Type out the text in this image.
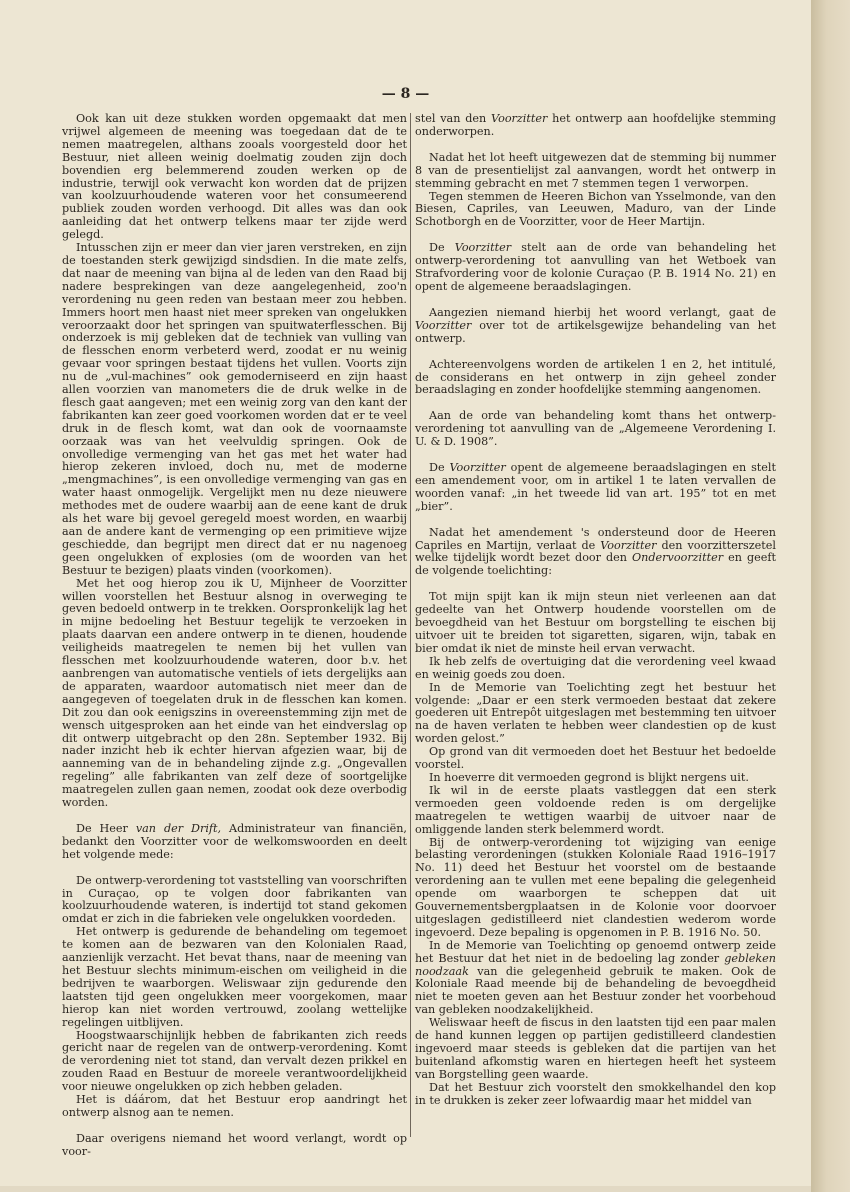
— 8 —

Ook kan uit deze stukken worden opgemaakt dat men vrijwel algemeen de meening was toegedaan dat de te nemen maatregelen, althans zooals voorgesteld door het Bestuur, niet alleen weinig doelmatig zouden zijn doch bovendien erg belemmerend zouden werken op de industrie, terwijl ook verwacht kon worden dat de prijzen van koolzuurhoudende wateren voor het consumeerend publiek zouden worden verhoogd. Dit alles was dan ook aanleiding dat het ontwerp telkens maar ter zijde werd gelegd.

Intusschen zijn er meer dan vier jaren verstreken, en zijn de toestanden sterk gewijzigd sindsdien. In die mate zelfs, dat naar de meening van bijna al de leden van den Raad bij nadere besprekingen van deze aangelegenheid, zoo'n verordening nu geen reden van bestaan meer zou hebben. Immers hoort men haast niet meer spreken van ongelukken veroorzaakt door het springen van spuitwaterflesschen. Bij onderzoek is mij gebleken dat de techniek van vulling van de flesschen enorm verbeterd werd, zoodat er nu weinig gevaar voor springen bestaat tijdens het vullen. Voorts zijn nu de „vul-machines” ook gemoderniseerd en zijn haast allen voorzien van manometers die de druk welke in de flesch gaat aangeven; met een weinig zorg van den kant der fabrikanten kan zeer goed voorkomen worden dat er te veel druk in de flesch komt, wat dan ook de voornaamste oorzaak was van het veelvuldig springen. Ook de onvolledige vermenging van het gas met het water had hierop zekeren invloed, doch nu, met de moderne „mengmachines”, is een onvolledige vermenging van gas en water haast onmogelijk. Vergelijkt men nu deze nieuwere methodes met de oudere waarbij aan de eene kant de druk als het ware bij gevoel geregeld moest worden, en waarbij aan de andere kant de vermenging op een primitieve wijze geschiedde, dan begrijpt men direct dat er nu nagenoeg geen ongelukken of explosies (om de woorden van het Bestuur te bezigen) plaats vinden (voorkomen).

Met het oog hierop zou ik U, Mijnheer de Voorzitter willen voorstellen het Bestuur alsnog in overweging te geven bedoeld ontwerp in te trekken. Oorspronkelijk lag het in mijne bedoeling het Bestuur tegelijk te verzoeken in plaats daarvan een andere ontwerp in te dienen, houdende veiligheids maatregelen te nemen bij het vullen van flesschen met koolzuurhoudende wateren, door b.v. het aanbrengen van automatische ventiels of iets dergelijks aan de apparaten, waardoor automatisch niet meer dan de aangegeven of toegelaten druk in de flesschen kan komen. Dit zou dan ook eenigszins in overeenstemming zijn met de wensch uitgesproken aan het einde van het eindverslag op dit ontwerp uitgebracht op den 28n. September 1932. Bij nader inzicht heb ik echter hiervan afgezien waar, bij de aanneming van de in behandeling zijnde z.g. „Ongevallen regeling” alle fabrikanten van zelf deze of soortgelijke maatregelen zullen gaan nemen, zoodat ook deze overbodig worden.

De Heer van der Drift, Administrateur van financiën, bedankt den Voorzitter voor de welkomswoorden en deelt het volgende mede:

De ontwerp-verordening tot vaststelling van voorschriften in Curaçao, op te volgen door fabrikanten van koolzuurhoudende wateren, is indertijd tot stand gekomen omdat er zich in die fabrieken vele ongelukken voordeden.

Het ontwerp is gedurende de behandeling om tegemoet te komen aan de bezwaren van den Kolonialen Raad, aanzienlijk verzacht. Het bevat thans, naar de meening van het Bestuur slechts minimum-eischen om veiligheid in die bedrijven te waarborgen. Weliswaar zijn gedurende den laatsten tijd geen ongelukken meer voorgekomen, maar hierop kan niet worden vertrouwd, zoolang wettelijke regelingen uitblijven.

Hoogstwaarschijnlijk hebben de fabrikanten zich reeds gericht naar de regelen van de ontwerp-verordening. Komt de verordening niet tot stand, dan vervalt dezen prikkel en zouden Raad en Bestuur de moreele verantwoordelijkheid voor nieuwe ongelukken op zich hebben geladen.

Het is dáárom, dat het Bestuur erop aandringt het ontwerp alsnog aan te nemen.

Daar overigens niemand het woord verlangt, wordt op voor-

stel van den Voorzitter het ontwerp aan hoofdelijke stemming onderworpen.

Nadat het lot heeft uitgewezen dat de stemming bij nummer 8 van de presentielijst zal aanvangen, wordt het ontwerp in stemming gebracht en met 7 stemmen tegen 1 verworpen.

Tegen stemmen de Heeren Bichon van Ysselmonde, van den Biesen, Capriles, van Leeuwen, Maduro, van der Linde Schotborgh en de Voorzitter, voor de Heer Martijn.

De Voorzitter stelt aan de orde van behandeling het ontwerp-verordening tot aanvulling van het Wetboek van Strafvordering voor de kolonie Curaçao (P. B. 1914 No. 21) en opent de algemeene beraadslagingen.

Aangezien niemand hierbij het woord verlangt, gaat de Voorzitter over tot de artikelsgewijze behandeling van het ontwerp.

Achtereenvolgens worden de artikelen 1 en 2, het intitulé, de considerans en het ontwerp in zijn geheel zonder beraadslaging en zonder hoofdelijke stemming aangenomen.

Aan de orde van behandeling komt thans het ontwerp-verordening tot aanvulling van de „Algemeene Verordening I. U. & D. 1908”.

De Voorzitter opent de algemeene beraadslagingen en stelt een amendement voor, om in artikel 1 te laten vervallen de woorden vanaf: „in het tweede lid van art. 195” tot en met „bier”.

Nadat het amendement 's ondersteund door de Heeren Capriles en Martijn, verlaat de Voorzitter den voorzitterszetel welke tijdelijk wordt bezet door den Ondervoorzitter en geeft de volgende toelichting:

Tot mijn spijt kan ik mijn steun niet verleenen aan dat gedeelte van het Ontwerp houdende voorstellen om de bevoegdheid van het Bestuur om borgstelling te eischen bij uitvoer uit te breiden tot sigaretten, sigaren, wijn, tabak en bier omdat ik niet de minste heil ervan verwacht.

Ik heb zelfs de overtuiging dat die verordening veel kwaad en weinig goeds zou doen.

In de Memorie van Toelichting zegt het bestuur het volgende: „Daar er een sterk vermoeden bestaat dat zekere goederen uit Entrepôt uitgeslagen met bestemming ten uitvoer na de haven verlaten te hebben weer clandestien op de kust worden gelost.”

Op grond van dit vermoeden doet het Bestuur het bedoelde voorstel.

In hoeverre dit vermoeden gegrond is blijkt nergens uit.

Ik wil in de eerste plaats vastleggen dat een sterk vermoeden geen voldoende reden is om dergelijke maatregelen te wettigen waarbij de uitvoer naar de omliggende landen sterk belemmerd wordt.

Bij de ontwerp-verordening tot wijziging van eenige belasting verordeningen (stukken Koloniale Raad 1916–1917 No. 11) deed het Bestuur het voorstel om de bestaande verordening aan te vullen met eene bepaling die gelegenheid opende om waarborgen te scheppen dat uit Gouvernementsbergplaatsen in de Kolonie voor doorvoer uitgeslagen gedistilleerd niet clandestien wederom worde ingevoerd. Deze bepaling is opgenomen in P. B. 1916 No. 50.

In de Memorie van Toelichting op genoemd ontwerp zeide het Bestuur dat het niet in de bedoeling lag zonder gebleken noodzaak van die gelegenheid gebruik te maken. Ook de Koloniale Raad meende bij de behandeling de bevoegdheid niet te moeten geven aan het Bestuur zonder het voorbehoud van gebleken noodzakelijkheid.

Weliswaar heeft de fiscus in den laatsten tijd een paar malen de hand kunnen leggen op partijen gedistilleerd clandestien ingevoerd maar steeds is gebleken dat die partijen van het buitenland afkomstig waren en hiertegen heeft het systeem van Borgstelling geen waarde.

Dat het Bestuur zich voorstelt den smokkelhandel den kop in te drukken is zeker zeer lofwaardig maar het middel van
